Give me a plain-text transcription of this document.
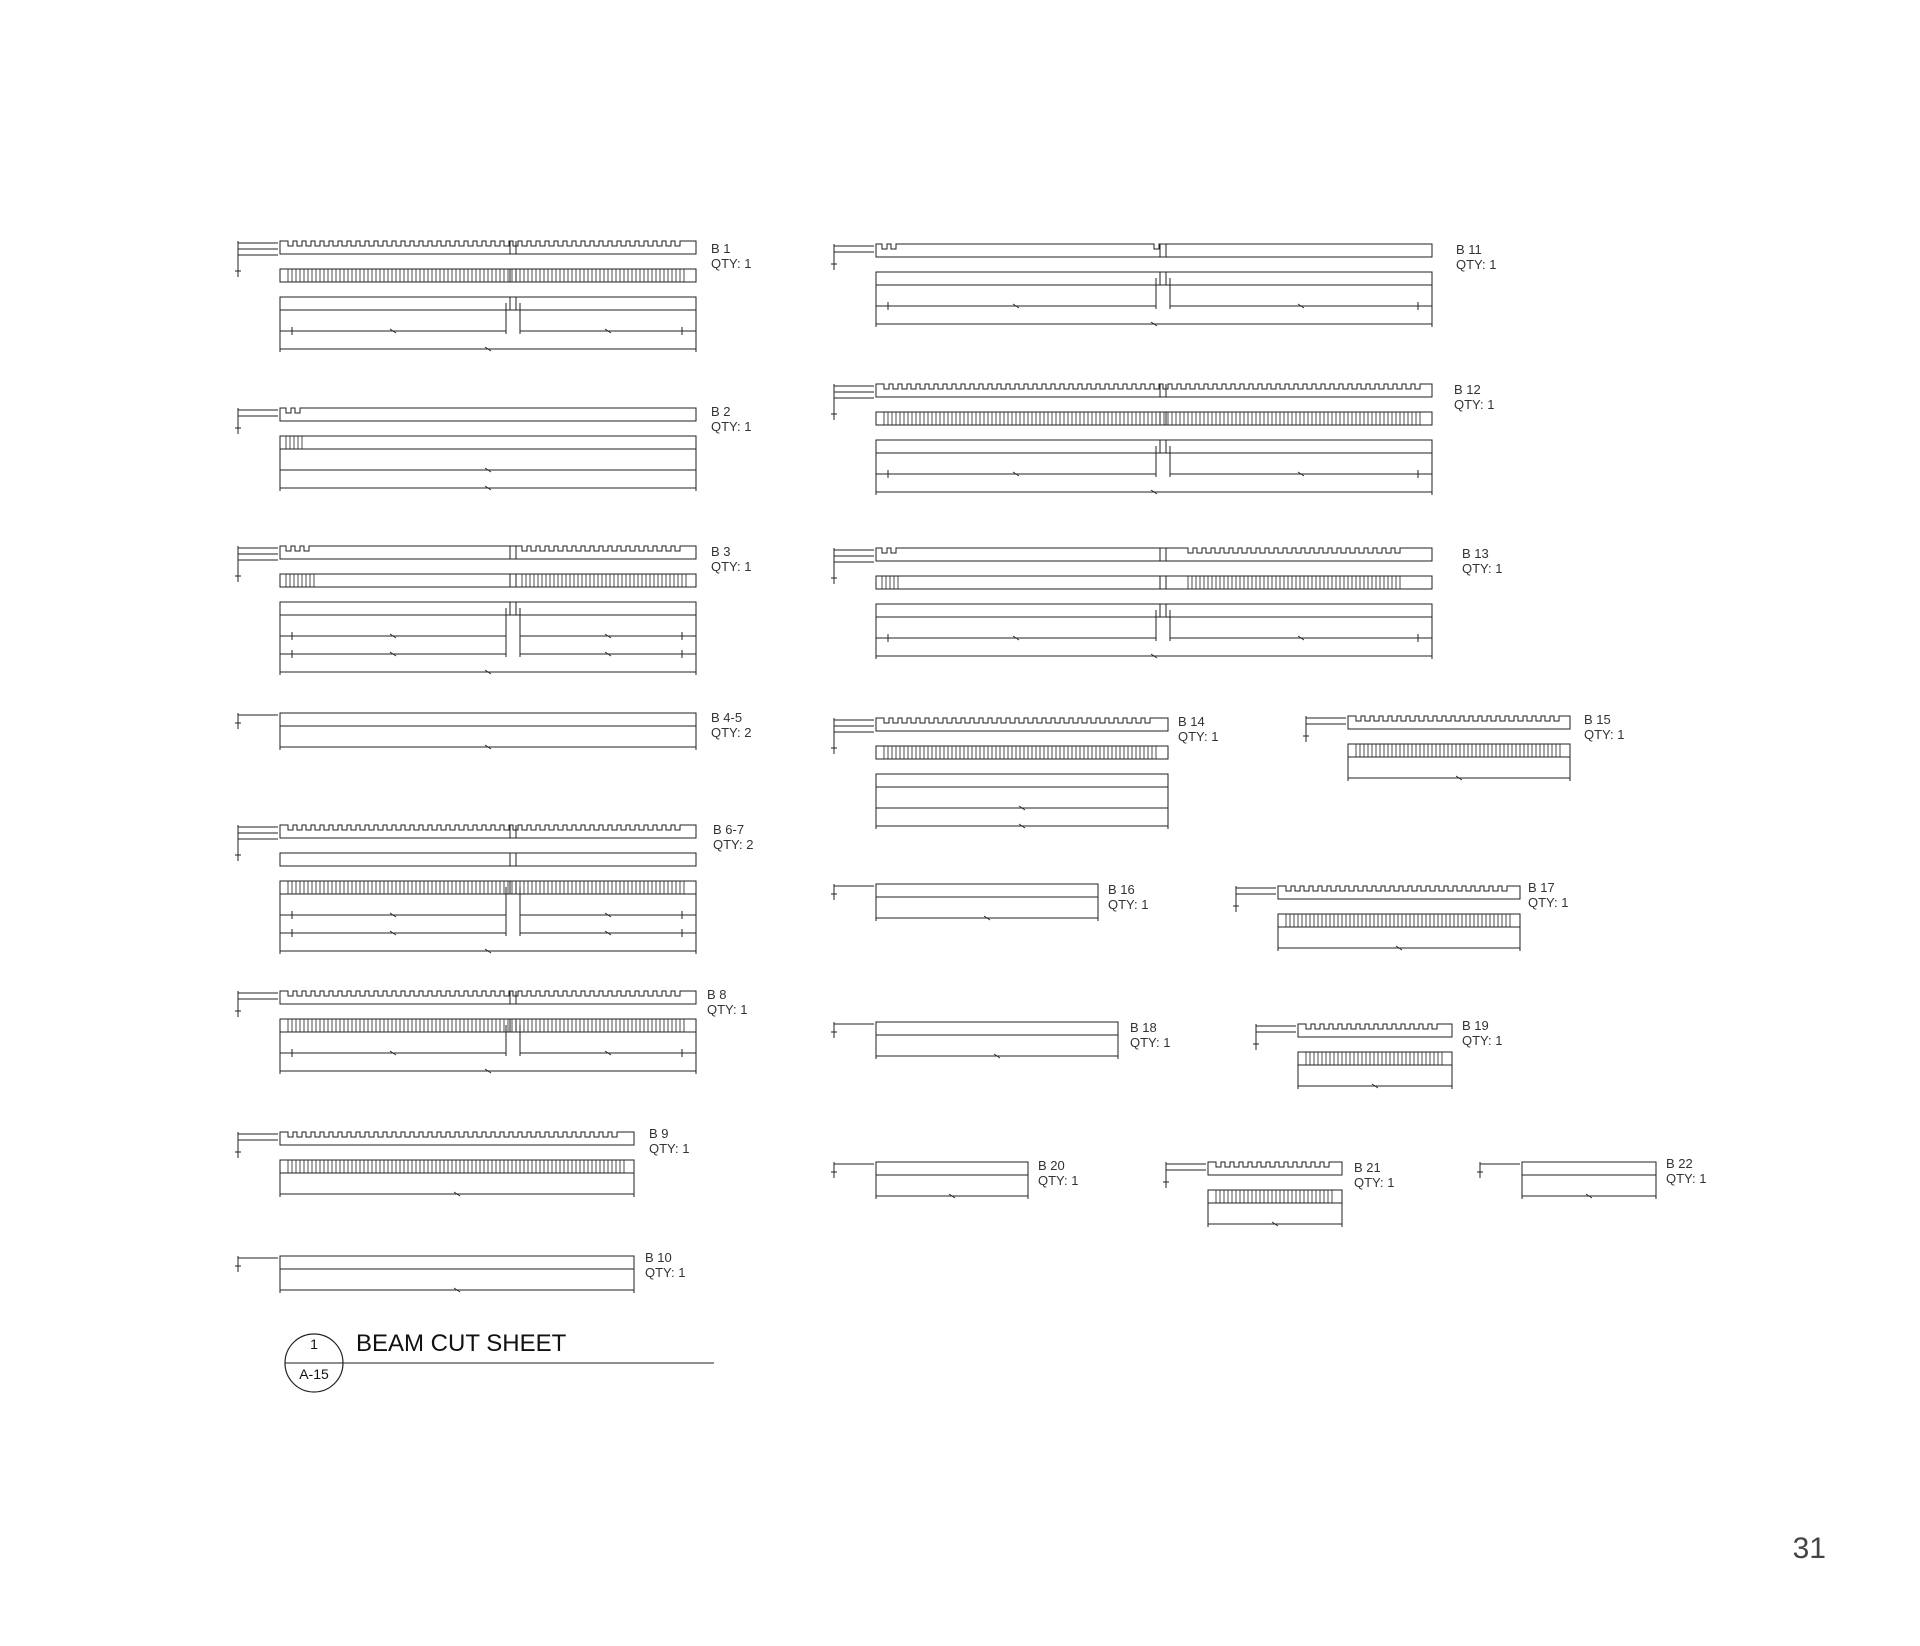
B 1
QTY: 1
B 2
QTY: 1
B 3
QTY: 1
B 4-5
QTY: 2
B 6-7
QTY: 2
B 8
QTY: 1
B 9
QTY: 1
B 10
QTY: 1
B 11
QTY: 1
B 12
QTY: 1
B 13
QTY: 1
B 14
QTY: 1
B 15
QTY: 1
B 16
QTY: 1
B 17
QTY: 1
B 18
QTY: 1
B 19
QTY: 1
B 20
QTY: 1
B 21
QTY: 1
B 22
QTY: 1
1
A-15
BEAM CUT SHEET
31
